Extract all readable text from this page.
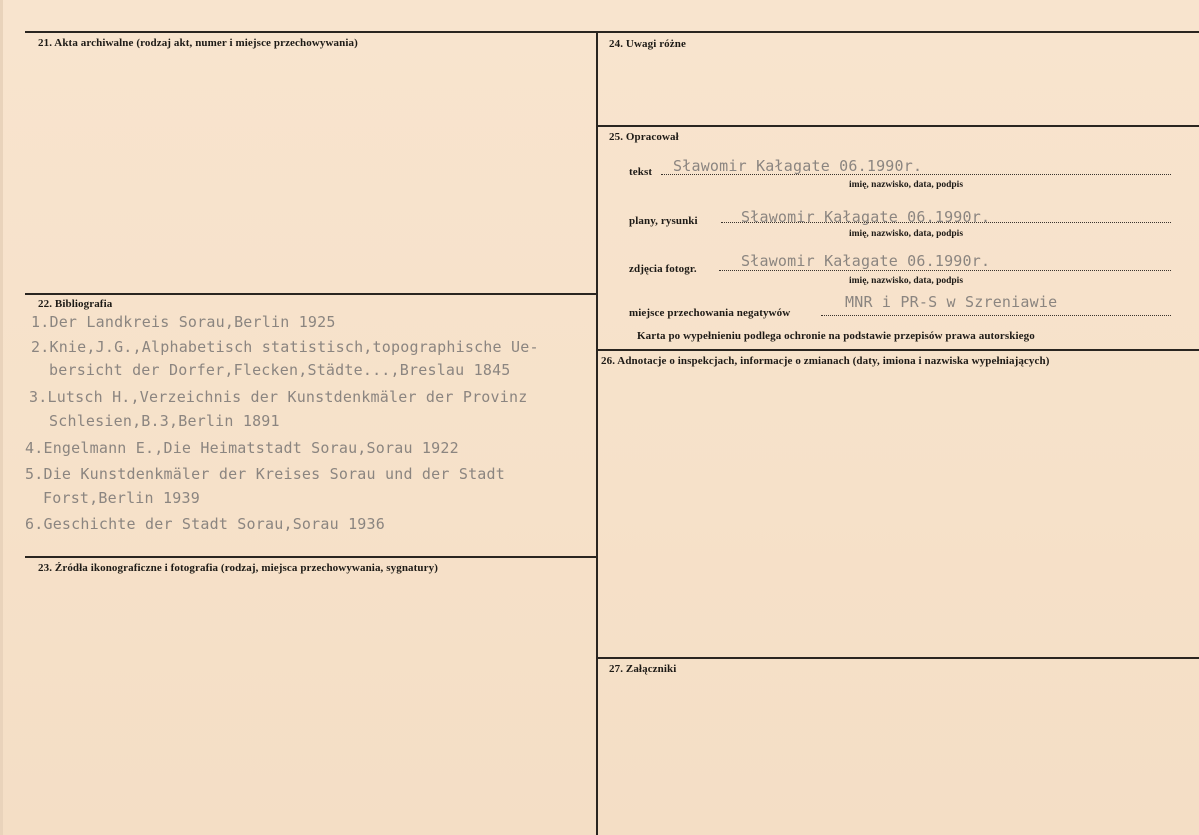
21. Akta archiwalne (rodzaj akt, numer i miejsce przechowywania)
22. Bibliografia
1.Der Landkreis Sorau,Berlin 1925
2.Knie,J.G.,Alphabetisch statistisch,topographische Ue-
bersicht der Dorfer,Flecken,Städte...,Breslau 1845
3.Lutsch H.,Verzeichnis der Kunstdenkmäler der Provinz
Schlesien,B.3,Berlin 1891
4.Engelmann E.,Die Heimatstadt Sorau,Sorau 1922
5.Die Kunstdenkmäler der Kreises Sorau und der Stadt
Forst,Berlin 1939
6.Geschichte der Stadt Sorau,Sorau 1936
23. Źródła ikonograficzne i fotografia (rodzaj, miejsca przechowywania, sygnatury)
24. Uwagi różne
25. Opracował
tekst Sławomir Kałagate 06.1990r.
imię, nazwisko, data, podpis
plany, rysunki	Sławomir Kałagate 06.1990r.
imię, nazwisko, data, podpis
zdjęcia fotogr.	Sławomir Kałagate 06.1990r.
imię, nazwisko, data, podpis
miejsce przechowania negatywów
MNR i PR-S w Szreniawie
Karta po wypełnieniu podlega ochronie na podstawie przepisów prawa autorskiego
26. Adnotacje o inspekcjach, informacje o zmianach (daty, imiona i nazwiska wypełniających)
27. Załączniki
